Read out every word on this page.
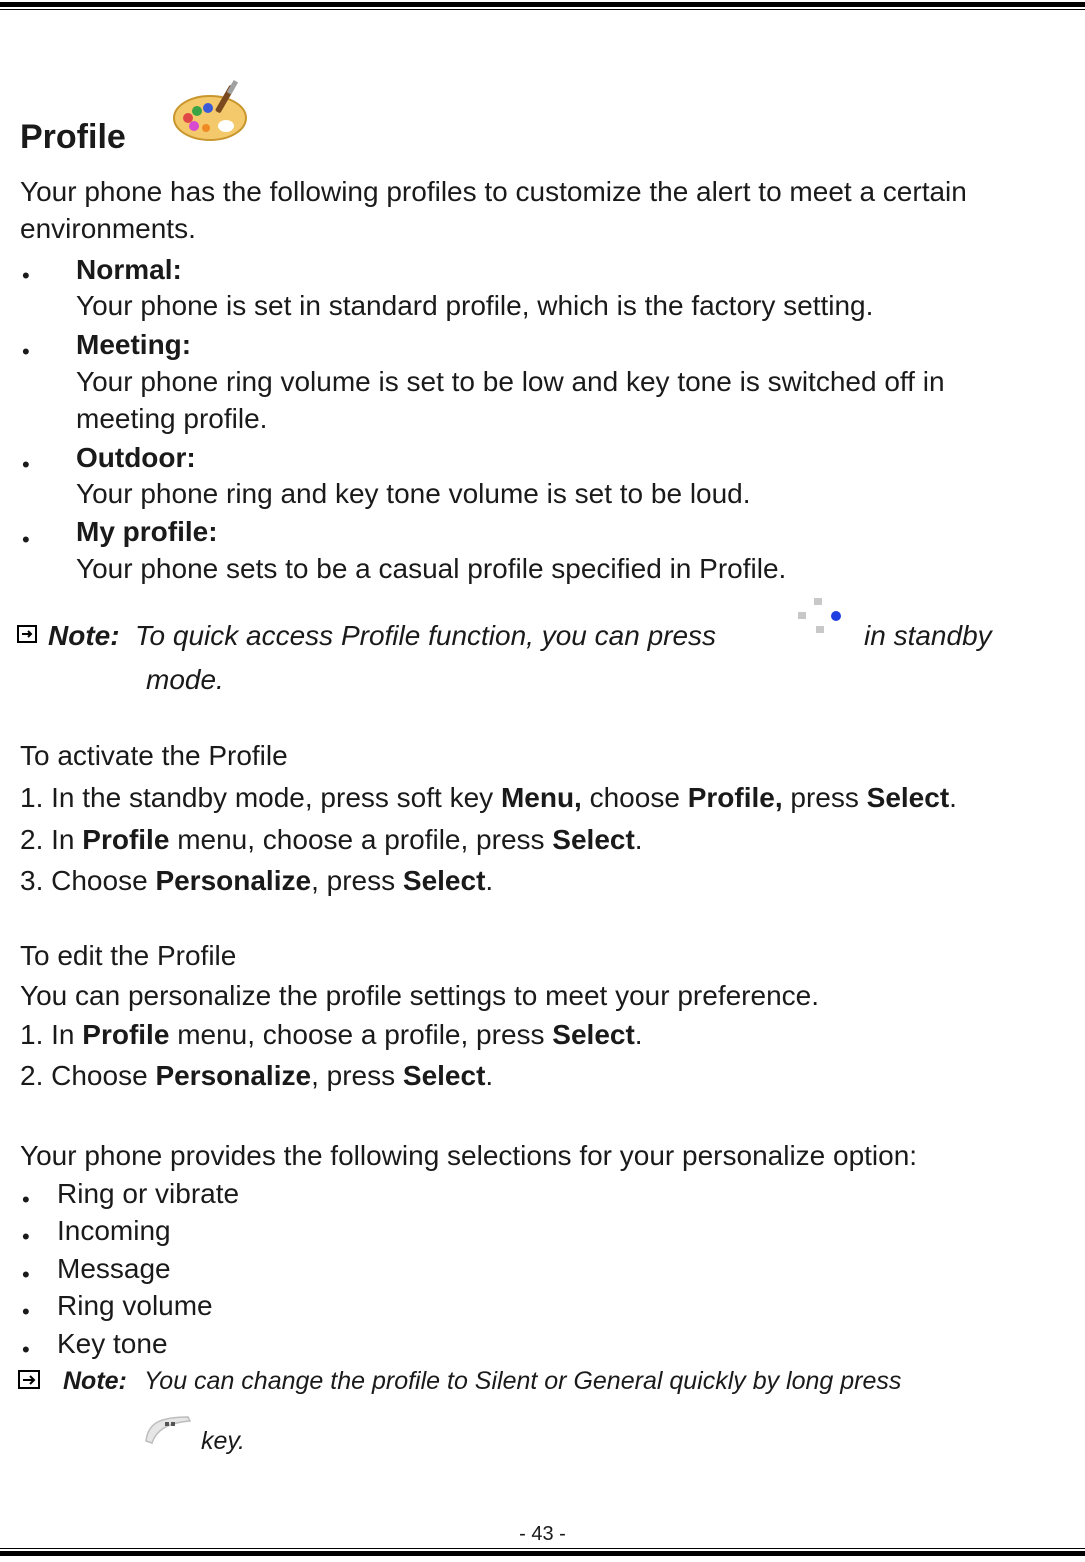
Profile
Your phone has the following profiles to customize the alert to meet a certain
environments.
• Normal:
Your phone is set in standard profile, which is the factory setting.
• Meeting:
Your phone ring volume is set to be low and key tone is switched off in
meeting profile.
• Outdoor:
Your phone ring and key tone volume is set to be loud.
• My profile:
Your phone sets to be a casual profile specified in Profile.
Note: To quick access Profile function, you can press	in standby
mode.
To activate the Profile
1. In the standby mode, press soft key Menu, choose Profile, press Select.
2. In Profile menu, choose a profile, press Select.
3. Choose Personalize, press Select.
To edit the Profile
You can personalize the profile settings to meet your preference.
1. In Profile menu, choose a profile, press Select.
2. Choose Personalize, press Select.
Your phone provides the following selections for your personalize option:
• Ring or vibrate
• Incoming
• Message
• Ring volume
• Key tone
Note: You can change the profile to Silent or General quickly by long press
key.
- 43 -
